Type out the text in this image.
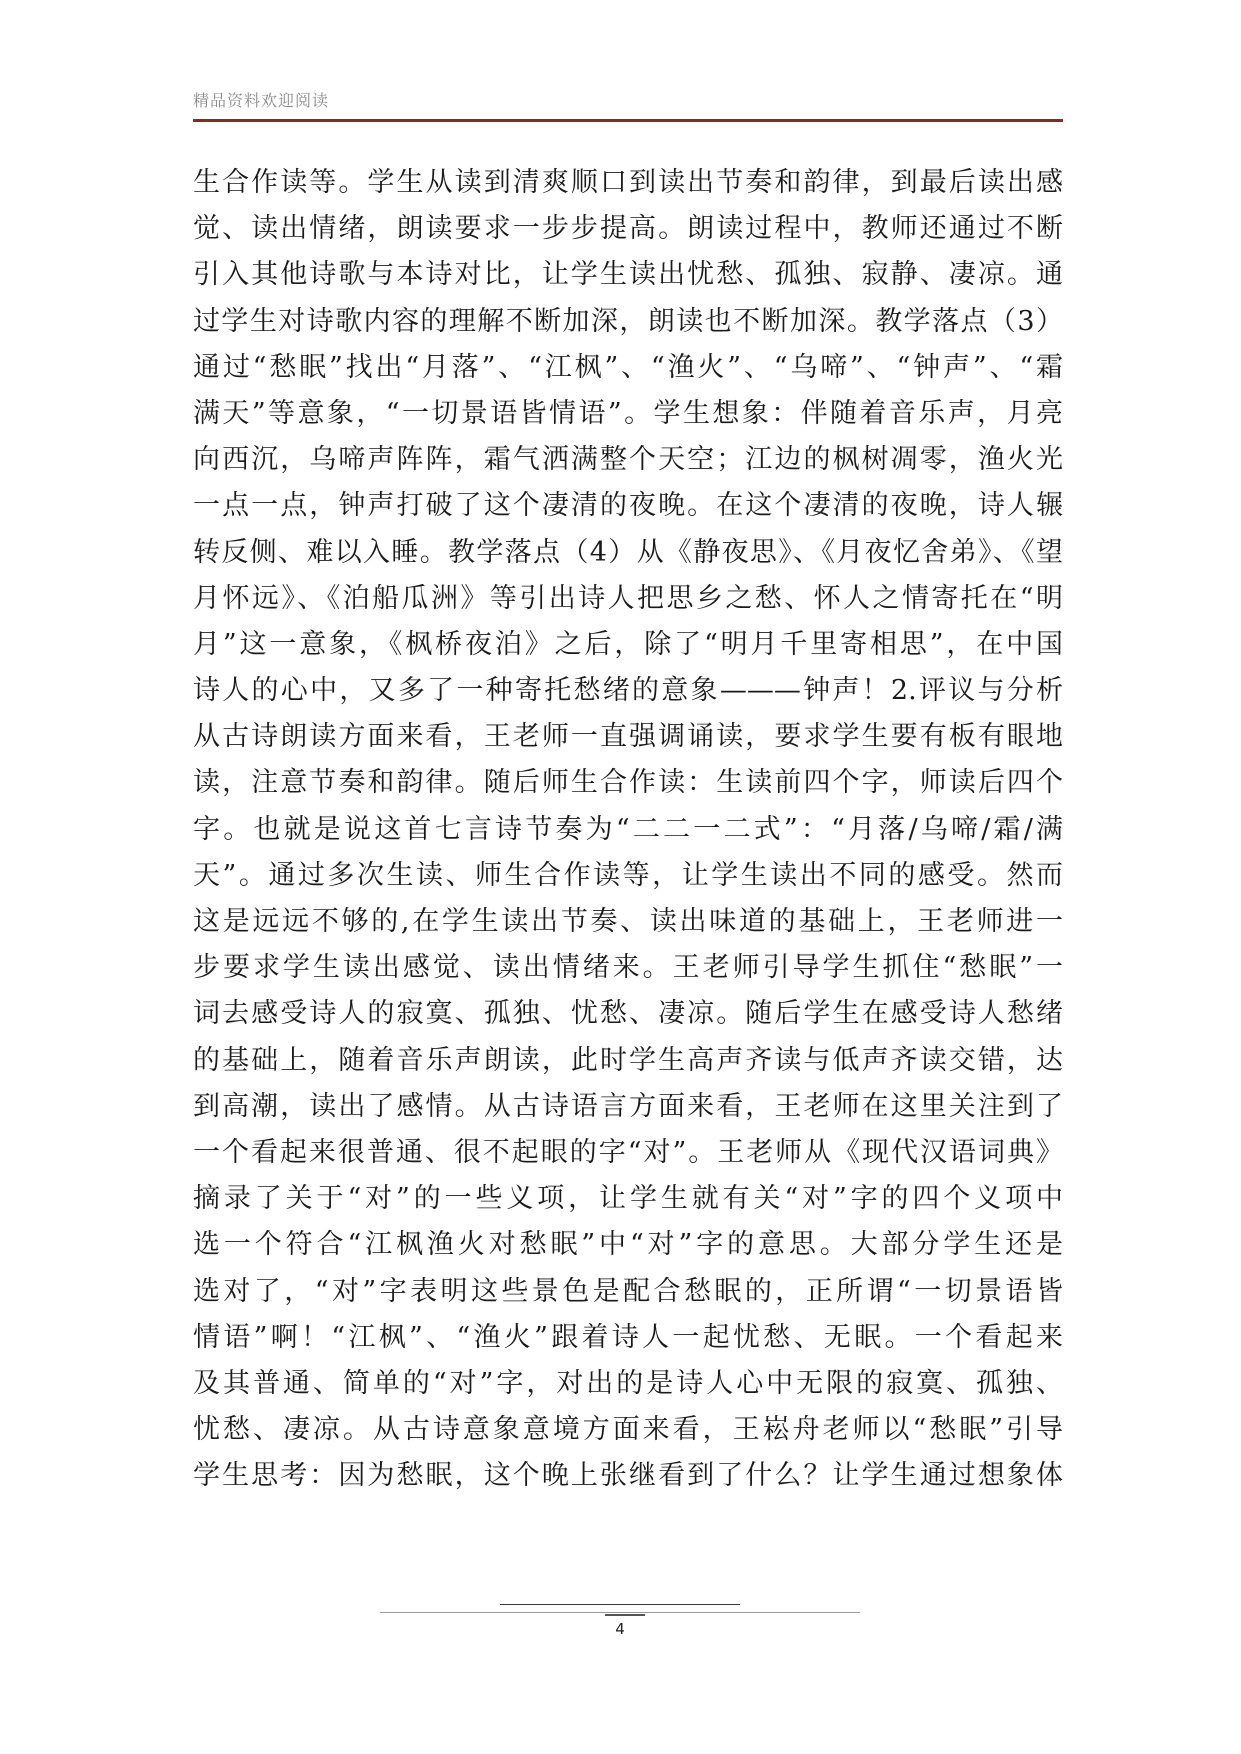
精品资料欢迎阅读
生合作读等。学生从读到清爽顺口到读出节奏和韵律，到最后读出感
觉、读出情绪，朗读要求一步步提高。朗读过程中，教师还通过不断
引入其他诗歌与本诗对比，让学生读出忧愁、孤独、寂静、凄凉。通
过学生对诗歌内容的理解不断加深，朗读也不断加深。教学落点（3）
通过“愁眠”找出“月落”、“江枫”、“渔火”、“乌啼”、“钟声”、“霜
满天”等意象，“一切景语皆情语”。学生想象：伴随着音乐声，月亮
向西沉，乌啼声阵阵，霜气洒满整个天空；江边的枫树凋零，渔火光
一点一点，钟声打破了这个凄清的夜晚。在这个凄清的夜晚，诗人辗
转反侧、难以入睡。教学落点（4）从《静夜思》、《月夜忆舍弟》、《望
月怀远》、《泊船瓜洲》等引出诗人把思乡之愁、怀人之情寄托在“明
月”这一意象，《枫桥夜泊》之后，除了“明月千里寄相思”，在中国
诗人的心中，又多了一种寄托愁绪的意象———钟声！2.评议与分析
从古诗朗读方面来看，王老师一直强调诵读，要求学生要有板有眼地
读，注意节奏和韵律。随后师生合作读：生读前四个字，师读后四个
字。也就是说这首七言诗节奏为“二二一二式”：“月落/乌啼/霜/满
天”。通过多次生读、师生合作读等，让学生读出不同的感受。然而
这是远远不够的,在学生读出节奏、读出味道的基础上，王老师进一
步要求学生读出感觉、读出情绪来。王老师引导学生抓住“愁眠”一
词去感受诗人的寂寞、孤独、忧愁、凄凉。随后学生在感受诗人愁绪
的基础上，随着音乐声朗读，此时学生高声齐读与低声齐读交错，达
到高潮，读出了感情。从古诗语言方面来看，王老师在这里关注到了
一个看起来很普通、很不起眼的字“对”。王老师从《现代汉语词典》
摘录了关于“对”的一些义项，让学生就有关“对”字的四个义项中
选一个符合“江枫渔火对愁眠”中“对”字的意思。大部分学生还是
选对了，“对”字表明这些景色是配合愁眠的，正所谓“一切景语皆
情语”啊！“江枫”、“渔火”跟着诗人一起忧愁、无眠。一个看起来
及其普通、简单的“对”字，对出的是诗人心中无限的寂寞、孤独、
忧愁、凄凉。从古诗意象意境方面来看，王崧舟老师以“愁眠”引导
学生思考：因为愁眠，这个晚上张继看到了什么？让学生通过想象体
4
